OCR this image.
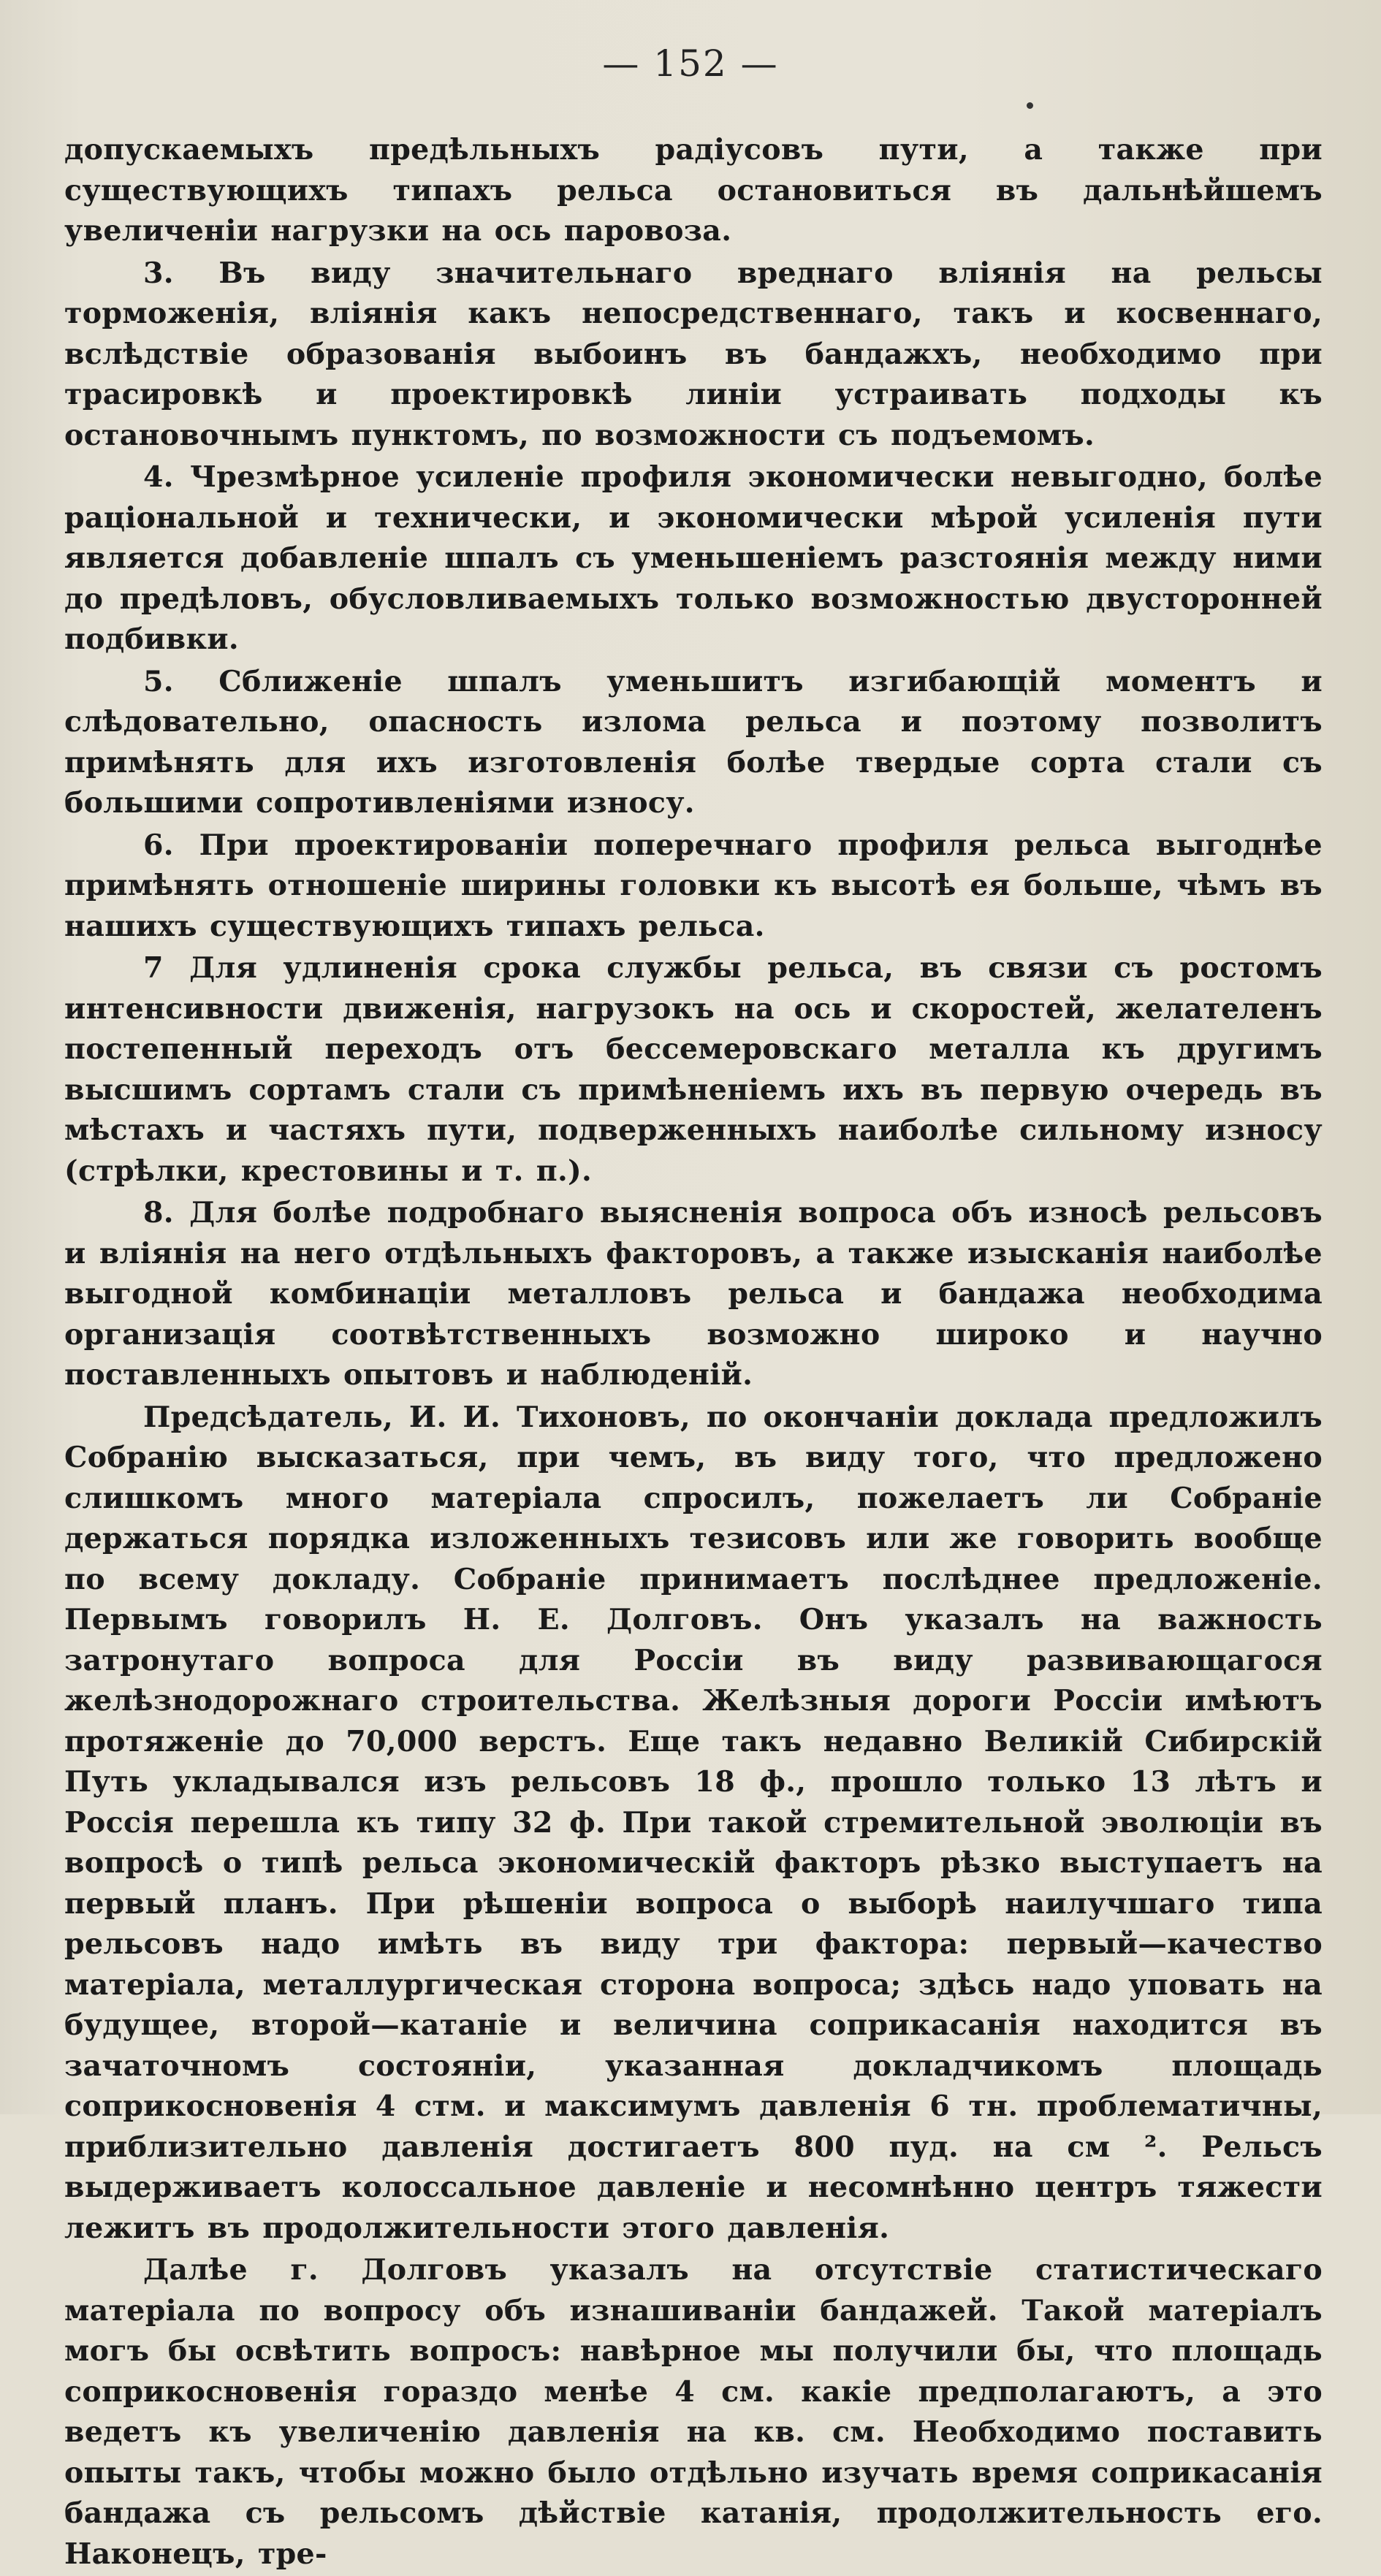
— 152 —

допускаемыхъ предѣльныхъ радіусовъ пути, а также при существующихъ типахъ рельса остановиться въ дальнѣйшемъ увеличеніи нагрузки на ось паровоза.

3. Въ виду значительнаго вреднаго вліянія на рельсы торможенія, вліянія какъ непосредственнаго, такъ и косвеннаго, вслѣдствіе образованія выбоинъ въ бандажхъ, необходимо при трасировкѣ и проектировкѣ линіи устраивать подходы къ остановочнымъ пунктомъ, по возможности съ подъемомъ.

4. Чрезмѣрное усиленіе профиля экономически невыгодно, болѣе раціональной и технически, и экономически мѣрой усиленія пути является добавленіе шпалъ съ уменьшеніемъ разстоянія между ними до предѣловъ, обусловливаемыхъ только возможностью двусторонней подбивки.

5. Сближеніе шпалъ уменьшитъ изгибающій моментъ и слѣдовательно, опасность излома рельса и поэтому позволитъ примѣнять для ихъ изготовленія болѣе твердые сорта стали съ большими сопротивленіями износу.

6. При проектированіи поперечнаго профиля рельса выгоднѣе примѣнять отношеніе ширины головки къ высотѣ ея больше, чѣмъ въ нашихъ существующихъ типахъ рельса.

7 Для удлиненія срока службы рельса, въ связи съ ростомъ интенсивности движенія, нагрузокъ на ось и скоростей, желателенъ постепенный переходъ отъ бессемеровскаго металла къ другимъ высшимъ сортамъ стали съ примѣненіемъ ихъ въ первую очередь въ мѣстахъ и частяхъ пути, подверженныхъ наиболѣе сильному износу (стрѣлки, крестовины и т. п.).

8. Для болѣе подробнаго выясненія вопроса объ износѣ рельсовъ и вліянія на него отдѣльныхъ факторовъ, а также изысканія наиболѣе выгодной комбинаціи металловъ рельса и бандажа необходима организація соотвѣтственныхъ возможно широко и научно поставленныхъ опытовъ и наблюденій.

Предсѣдатель, И. И. Тихоновъ, по окончаніи доклада предложилъ Собранію высказаться, при чемъ, въ виду того, что предложено слишкомъ много матеріала спросилъ, пожелаетъ ли Собраніе держаться порядка изложенныхъ тезисовъ или же говорить вообще по всему докладу. Собраніе принимаетъ послѣднее предложеніе. Первымъ говорилъ Н. Е. Долговъ. Онъ указалъ на важность затронутаго вопроса для Россіи въ виду развивающагося желѣзнодорожнаго строительства. Желѣзныя дороги Россіи имѣютъ протяженіе до 70,000 верстъ. Еще такъ недавно Великій Сибирскій Путь укладывался изъ рельсовъ 18 ф., прошло только 13 лѣтъ и Россія перешла къ типу 32 ф. При такой стремительной эволюціи въ вопросѣ о типѣ рельса экономическій факторъ рѣзко выступаетъ на первый планъ. При рѣшеніи вопроса о выборѣ наилучшаго типа рельсовъ надо имѣть въ виду три фактора: первый—качество матеріала, металлургическая сторона вопроса; здѣсь надо уповать на будущее, второй—катаніе и величина соприкасанія находится въ зачаточномъ состояніи, указанная докладчикомъ площадь соприкосновенія 4 стм. и максимумъ давленія 6 тн. проблематичны, приблизительно давленія достигаетъ 800 пуд. на см ². Рельсъ выдерживаетъ колоссальное давленіе и несомнѣнно центръ тяжести лежитъ въ продолжительности этого давленія.

Далѣе г. Долговъ указалъ на отсутствіе статистическаго матеріала по вопросу объ изнашиваніи бандажей. Такой матеріалъ могъ бы освѣтить вопросъ: навѣрное мы получили бы, что площадь соприкосновенія гораздо менѣе 4 см. какіе предполагаютъ, а это ведетъ къ увеличенію давленія на кв. см. Необходимо поставить опыты такъ, чтобы можно было отдѣльно изучать время соприкасанія бандажа съ рельсомъ дѣйствіе катанія, продолжительность его. Наконецъ, тре-
